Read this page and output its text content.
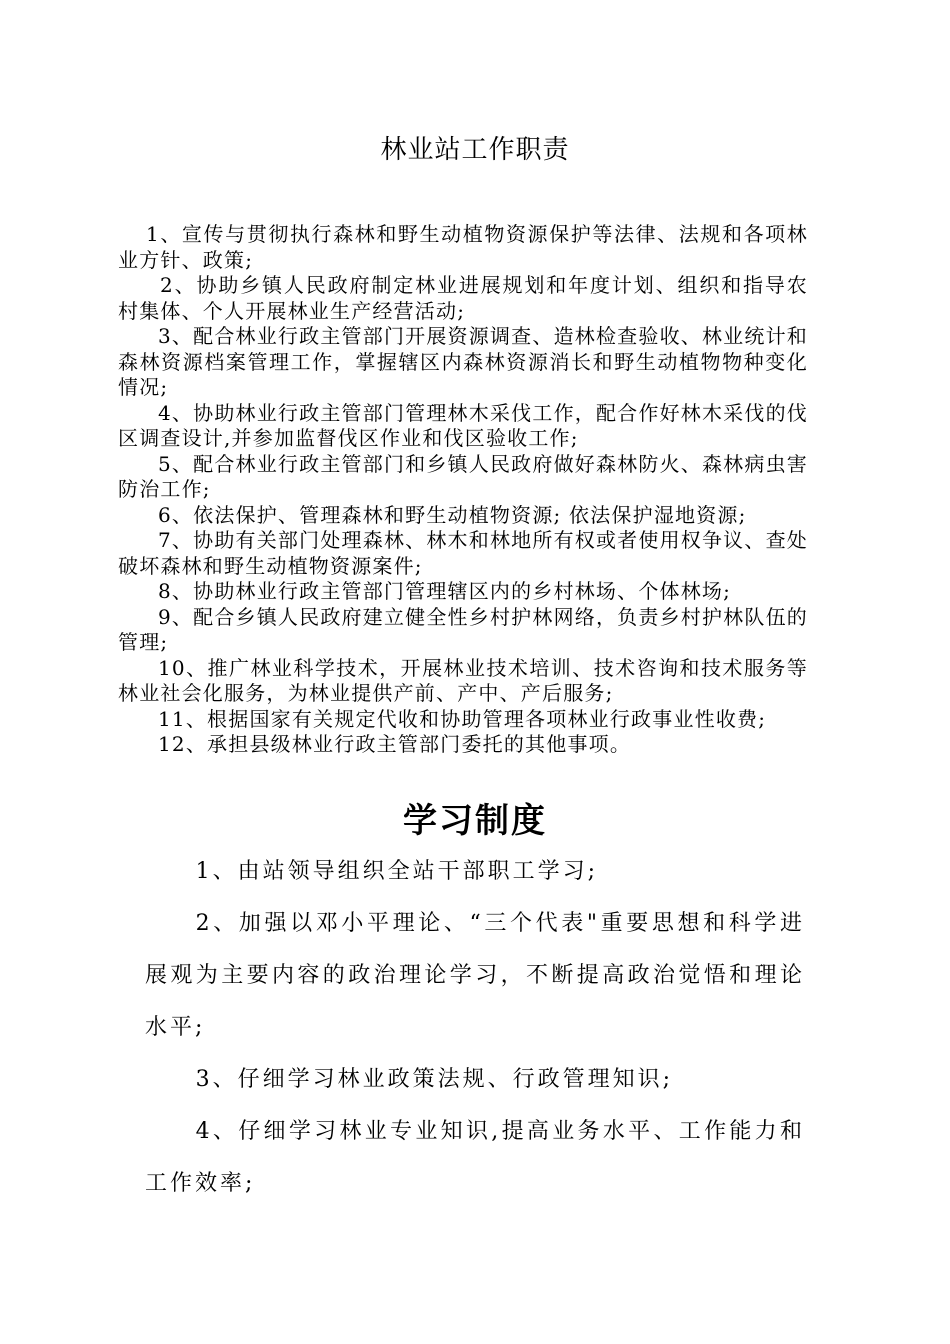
林业站工作职责

1、宣传与贯彻执行森林和野生动植物资源保护等法律、法规和各项林业方针、政策;

2、协助乡镇人民政府制定林业进展规划和年度计划、组织和指导农村集体、个人开展林业生产经营活动;

3、配合林业行政主管部门开展资源调查、造林检查验收、林业统计和森林资源档案管理工作，掌握辖区内森林资源消长和野生动植物物种变化情况;

4、协助林业行政主管部门管理林木采伐工作，配合作好林木采伐的伐区调查设计,并参加监督伐区作业和伐区验收工作;

5、配合林业行政主管部门和乡镇人民政府做好森林防火、森林病虫害防治工作;

6、依法保护、管理森林和野生动植物资源; 依法保护湿地资源;

7、协助有关部门处理森林、林木和林地所有权或者使用权争议、查处破坏森林和野生动植物资源案件;

8、协助林业行政主管部门管理辖区内的乡村林场、个体林场;

9、配合乡镇人民政府建立健全性乡村护林网络，负责乡村护林队伍的管理;

10、推广林业科学技术，开展林业技术培训、技术咨询和技术服务等林业社会化服务，为林业提供产前、产中、产后服务;

11、根据国家有关规定代收和协助管理各项林业行政事业性收费;

12、承担县级林业行政主管部门委托的其他事项。

学习制度

1、由站领导组织全站干部职工学习;

2、加强以邓小平理论、“三个代表"重要思想和科学进展观为主要内容的政治理论学习，不断提高政治觉悟和理论水平;

3、仔细学习林业政策法规、行政管理知识;

4、仔细学习林业专业知识,提高业务水平、工作能力和工作效率;
